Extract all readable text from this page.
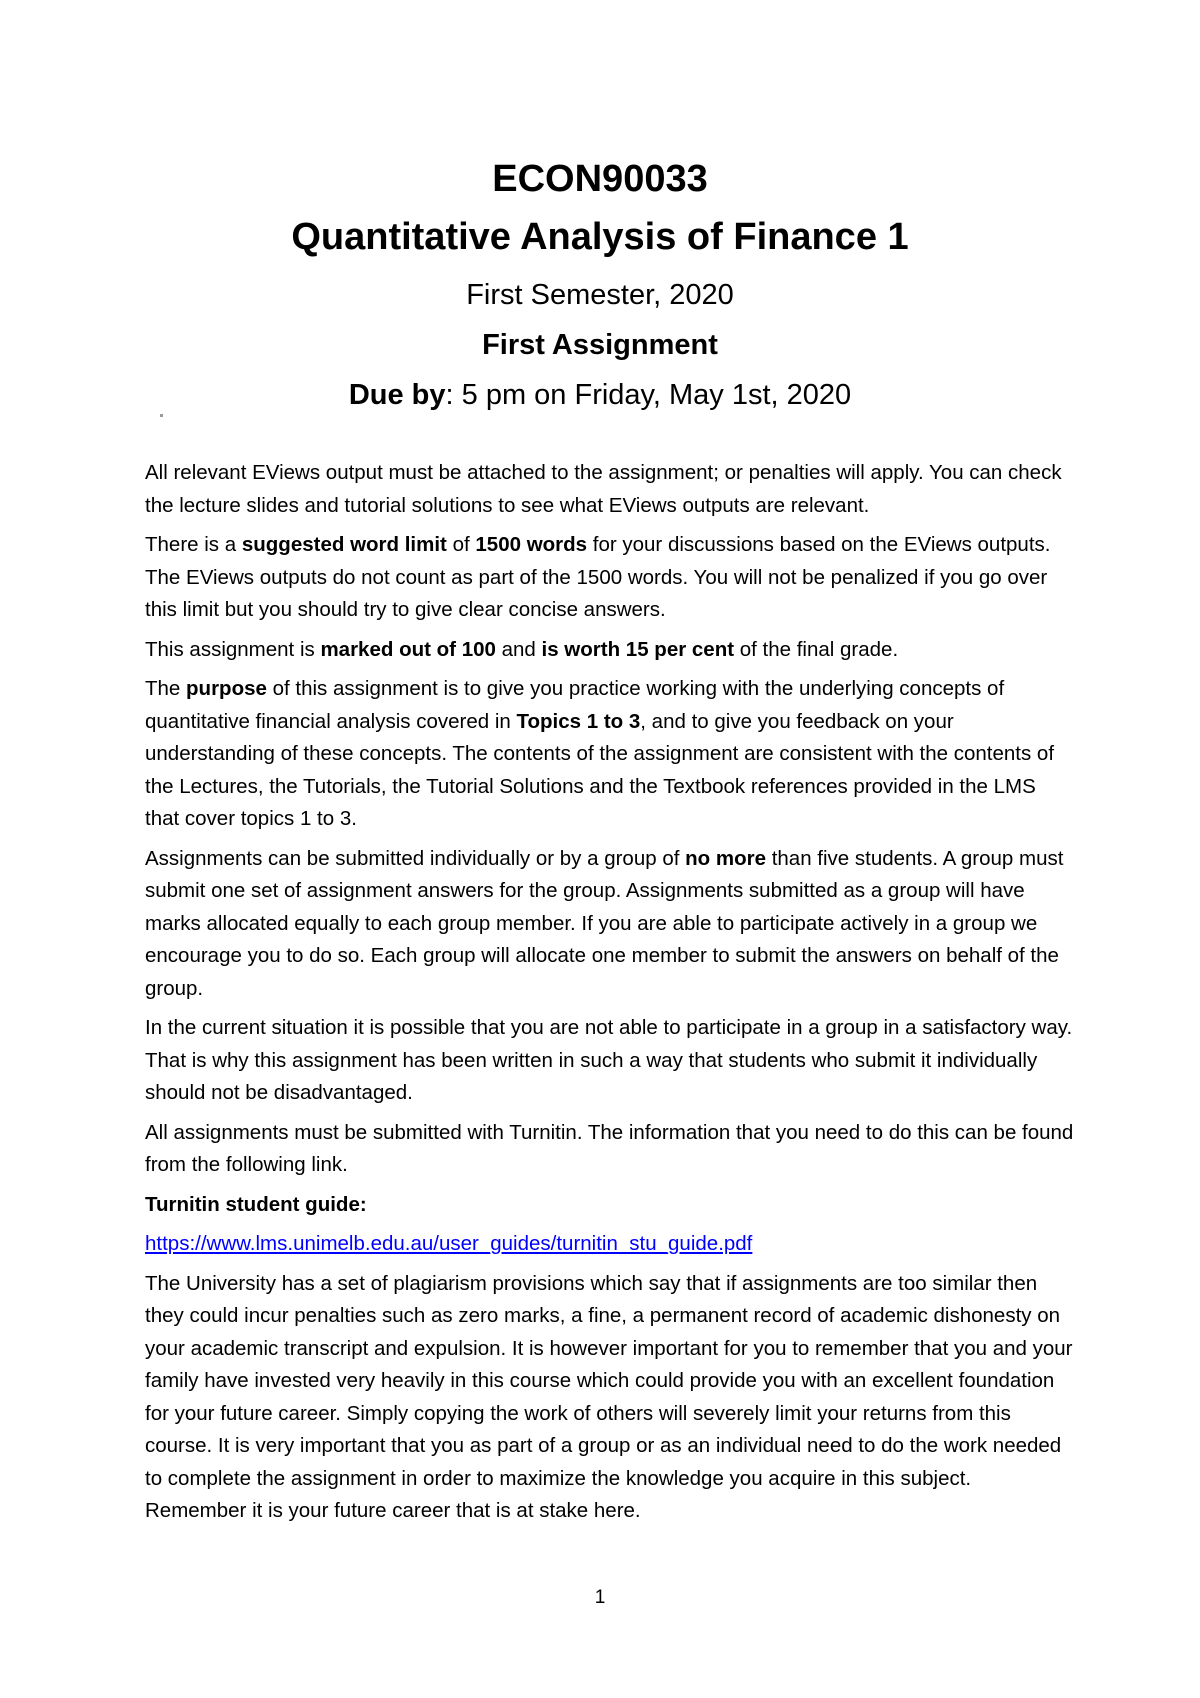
ECON90033
Quantitative Analysis of Finance 1
First Semester, 2020
First Assignment
Due by: 5 pm on Friday, May 1st, 2020

All relevant EViews output must be attached to the assignment; or penalties will apply. You can check the lecture slides and tutorial solutions to see what EViews outputs are relevant.

There is a suggested word limit of 1500 words for your discussions based on the EViews outputs. The EViews outputs do not count as part of the 1500 words. You will not be penalized if you go over this limit but you should try to give clear concise answers.

This assignment is marked out of 100 and is worth 15 per cent of the final grade.

The purpose of this assignment is to give you practice working with the underlying concepts of quantitative financial analysis covered in Topics 1 to 3, and to give you feedback on your understanding of these concepts. The contents of the assignment are consistent with the contents of the Lectures, the Tutorials, the Tutorial Solutions and the Textbook references provided in the LMS that cover topics 1 to 3.

Assignments can be submitted individually or by a group of no more than five students. A group must submit one set of assignment answers for the group. Assignments submitted as a group will have marks allocated equally to each group member. If you are able to participate actively in a group we encourage you to do so. Each group will allocate one member to submit the answers on behalf of the group.

In the current situation it is possible that you are not able to participate in a group in a satisfactory way. That is why this assignment has been written in such a way that students who submit it individually should not be disadvantaged.

All assignments must be submitted with Turnitin. The information that you need to do this can be found from the following link.

Turnitin student guide:

https://www.lms.unimelb.edu.au/user_guides/turnitin_stu_guide.pdf

The University has a set of plagiarism provisions which say that if assignments are too similar then they could incur penalties such as zero marks, a fine, a permanent record of academic dishonesty on your academic transcript and expulsion. It is however important for you to remember that you and your family have invested very heavily in this course which could provide you with an excellent foundation for your future career. Simply copying the work of others will severely limit your returns from this course. It is very important that you as part of a group or as an individual need to do the work needed to complete the assignment in order to maximize the knowledge you acquire in this subject. Remember it is your future career that is at stake here.

1
